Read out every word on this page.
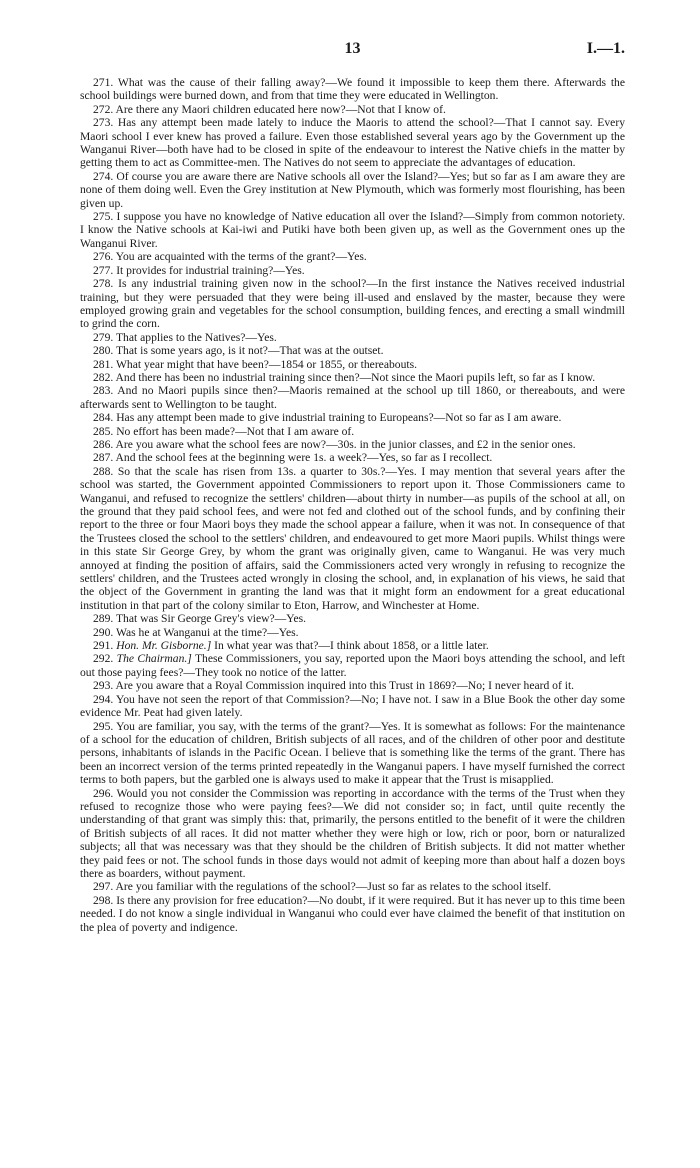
13	I.—1.

271. What was the cause of their falling away?—We found it impossible to keep them there. Afterwards the school buildings were burned down, and from that time they were educated in Wellington.

272. Are there any Maori children educated here now?—Not that I know of.

273. Has any attempt been made lately to induce the Maoris to attend the school?—That I cannot say. Every Maori school I ever knew has proved a failure. Even those established several years ago by the Government up the Wanganui River—both have had to be closed in spite of the endeavour to interest the Native chiefs in the matter by getting them to act as Committee-men. The Natives do not seem to appreciate the advantages of education.

274. Of course you are aware there are Native schools all over the Island?—Yes; but so far as I am aware they are none of them doing well. Even the Grey institution at New Plymouth, which was formerly most flourishing, has been given up.

275. I suppose you have no knowledge of Native education all over the Island?—Simply from common notoriety. I know the Native schools at Kai-iwi and Putiki have both been given up, as well as the Government ones up the Wanganui River.

276. You are acquainted with the terms of the grant?—Yes.

277. It provides for industrial training?—Yes.

278. Is any industrial training given now in the school?—In the first instance the Natives received industrial training, but they were persuaded that they were being ill-used and enslaved by the master, because they were employed growing grain and vegetables for the school consumption, building fences, and erecting a small windmill to grind the corn.

279. That applies to the Natives?—Yes.

280. That is some years ago, is it not?—That was at the outset.

281. What year might that have been?—1854 or 1855, or thereabouts.

282. And there has been no industrial training since then?—Not since the Maori pupils left, so far as I know.

283. And no Maori pupils since then?—Maoris remained at the school up till 1860, or thereabouts, and were afterwards sent to Wellington to be taught.

284. Has any attempt been made to give industrial training to Europeans?—Not so far as I am aware.

285. No effort has been made?—Not that I am aware of.

286. Are you aware what the school fees are now?—30s. in the junior classes, and £2 in the senior ones.

287. And the school fees at the beginning were 1s. a week?—Yes, so far as I recollect.

288. So that the scale has risen from 13s. a quarter to 30s.?—Yes. I may mention that several years after the school was started, the Government appointed Commissioners to report upon it. Those Commissioners came to Wanganui, and refused to recognize the settlers' children—about thirty in number—as pupils of the school at all, on the ground that they paid school fees, and were not fed and clothed out of the school funds, and by confining their report to the three or four Maori boys they made the school appear a failure, when it was not. In consequence of that the Trustees closed the school to the settlers' children, and endeavoured to get more Maori pupils. Whilst things were in this state Sir George Grey, by whom the grant was originally given, came to Wanganui. He was very much annoyed at finding the position of affairs, said the Commissioners acted very wrongly in refusing to recognize the settlers' children, and the Trustees acted wrongly in closing the school, and, in explanation of his views, he said that the object of the Government in granting the land was that it might form an endowment for a great educational institution in that part of the colony similar to Eton, Harrow, and Winchester at Home.

289. That was Sir George Grey's view?—Yes.

290. Was he at Wanganui at the time?—Yes.

291. Hon. Mr. Gisborne.] In what year was that?—I think about 1858, or a little later.

292. The Chairman.] These Commissioners, you say, reported upon the Maori boys attending the school, and left out those paying fees?—They took no notice of the latter.

293. Are you aware that a Royal Commission inquired into this Trust in 1869?—No; I never heard of it.

294. You have not seen the report of that Commission?—No; I have not. I saw in a Blue Book the other day some evidence Mr. Peat had given lately.

295. You are familiar, you say, with the terms of the grant?—Yes. It is somewhat as follows: For the maintenance of a school for the education of children, British subjects of all races, and of the children of other poor and destitute persons, inhabitants of islands in the Pacific Ocean. I believe that is something like the terms of the grant. There has been an incorrect version of the terms printed repeatedly in the Wanganui papers. I have myself furnished the correct terms to both papers, but the garbled one is always used to make it appear that the Trust is misapplied.

296. Would you not consider the Commission was reporting in accordance with the terms of the Trust when they refused to recognize those who were paying fees?—We did not consider so; in fact, until quite recently the understanding of that grant was simply this: that, primarily, the persons entitled to the benefit of it were the children of British subjects of all races. It did not matter whether they were high or low, rich or poor, born or naturalized subjects; all that was necessary was that they should be the children of British subjects. It did not matter whether they paid fees or not. The school funds in those days would not admit of keeping more than about half a dozen boys there as boarders, without payment.

297. Are you familiar with the regulations of the school?—Just so far as relates to the school itself.

298. Is there any provision for free education?—No doubt, if it were required. But it has never up to this time been needed. I do not know a single individual in Wanganui who could ever have claimed the benefit of that institution on the plea of poverty and indigence.
